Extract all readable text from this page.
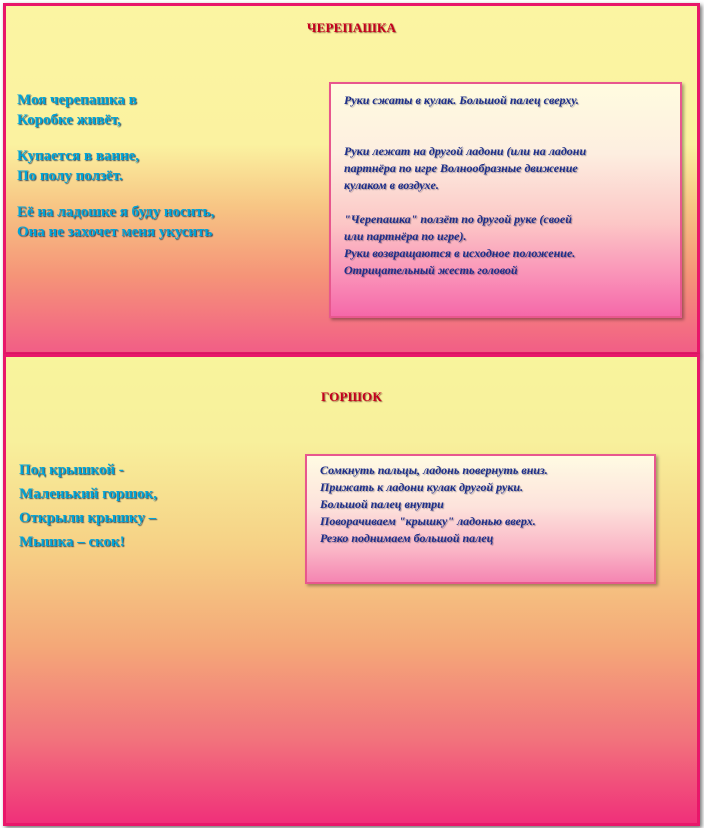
ЧЕРЕПАШКА
Моя черепашка в
Коробке живёт,
Купается в ванне,
По полу ползёт.
Её на ладошке я буду носить,
Она не захочет меня укусить
Руки сжаты в кулак. Большой палец сверху.
Руки лежат на другой ладони (или на ладони
партнёра по игре Волнообразные движение
кулаком в воздухе.
"Черепашка" ползёт по другой руке (своей
или партнёра по игре).
Руки возвращаются в исходное положение.
Отрицательный жесть головой
ГОРШОК
Под крышкой -
Маленький горшок,
Открыли крышку –
Мышка – скок!
Сомкнуть пальцы, ладонь повернуть вниз.
Прижать к ладони кулак другой руки.
Большой палец внутри
Поворачиваем "крышку" ладонью вверх.
Резко поднимаем большой палец
